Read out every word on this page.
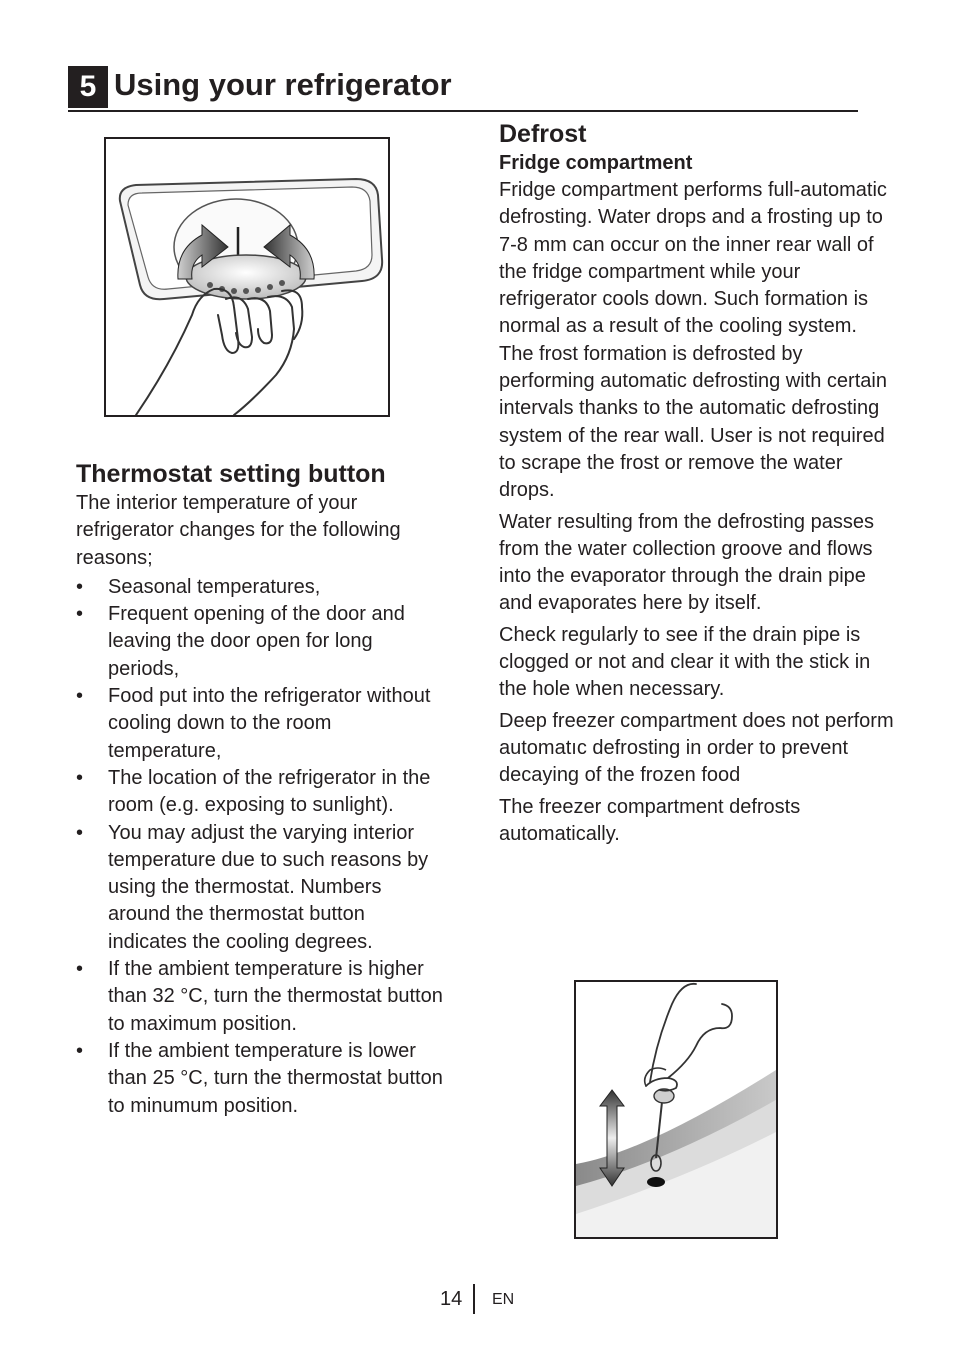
5 Using your refrigerator
Thermostat setting button

The interior temperature of your refrigerator changes for the following reasons;

• Seasonal temperatures,
• Frequent opening of the door and leaving the door open for long periods,
• Food put into the refrigerator without cooling down to the room temperature,
• The location of the refrigerator in the room (e.g. exposing to sunlight).
• You may adjust the varying interior temperature due to such reasons by using the thermostat. Numbers around the thermostat button indicates the cooling degrees.
• If the ambient temperature is higher than 32 °C, turn the thermostat button to maximum position.
• If the ambient temperature is lower than 25 °C, turn the thermostat button to minumum position.
Defrost
Fridge compartment

Fridge compartment performs full-automatic defrosting. Water drops and a frosting up to 7-8 mm can occur on the inner rear wall of the fridge compartment while your refrigerator cools down. Such formation is normal as a result of the cooling system. The frost formation is defrosted by performing automatic defrosting with certain intervals thanks to the automatic defrosting system of the rear wall. User is not required to scrape the frost or remove the water drops.

Water resulting from the defrosting passes from the water collection groove and flows into the evaporator through the drain pipe and evaporates here by itself.

Check regularly to see if the drain pipe is clogged or not and clear it with the stick in the hole when necessary.

Deep freezer compartment does not perform automatıc defrosting in order to prevent decaying of the frozen food

The freezer compartment defrosts automatically.

14 EN
